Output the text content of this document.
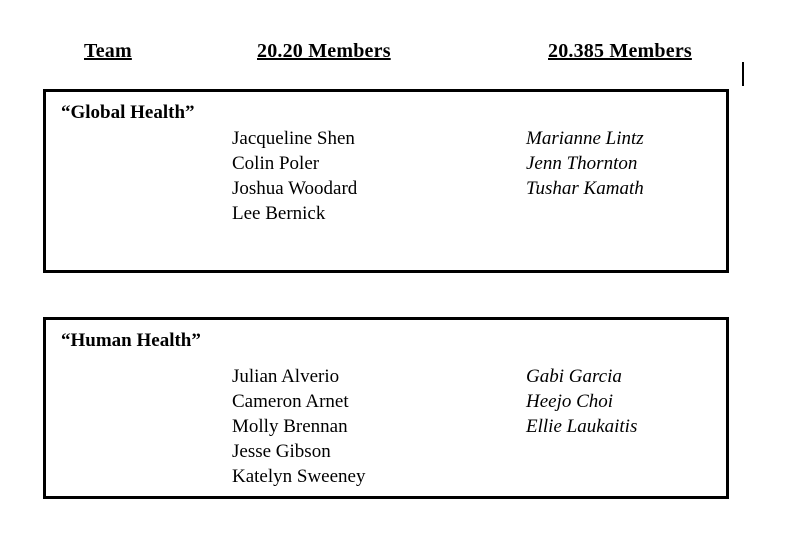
Team	20.20 Members	20.385 Members
“Global Health”
Jacqueline Shen
Colin Poler
Joshua Woodard
Lee Bernick
Marianne Lintz
Jenn Thornton
Tushar Kamath
“Human Health”
Julian Alverio
Cameron Arnet
Molly Brennan
Jesse Gibson
Katelyn Sweeney
Gabi Garcia
Heejo Choi
Ellie Laukaitis
